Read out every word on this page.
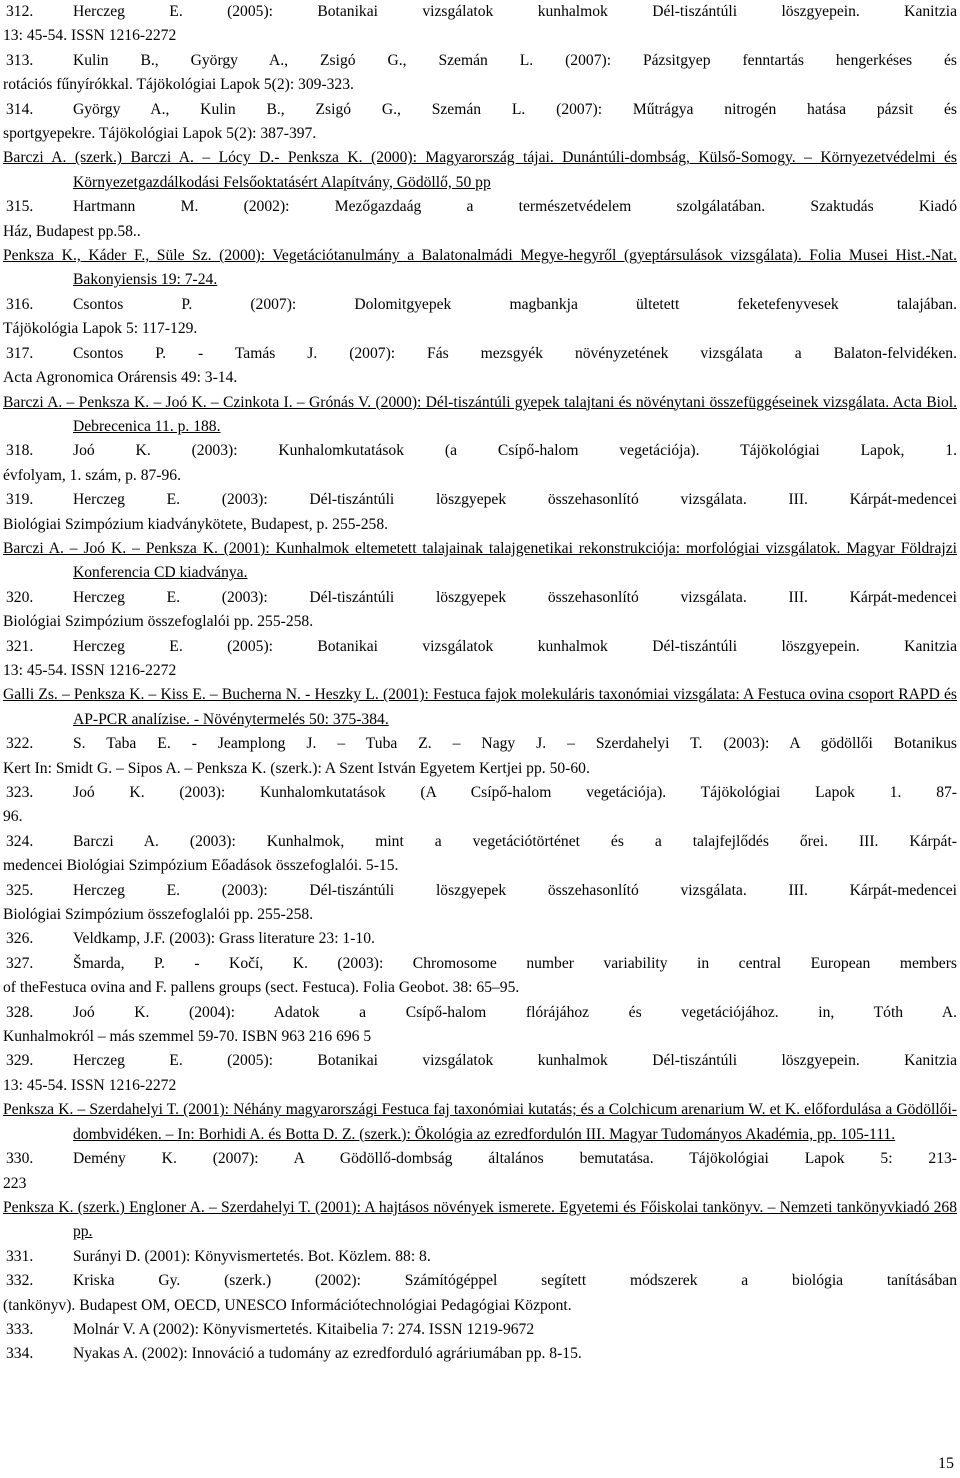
312.	Herczeg E. (2005): Botanikai vizsgálatok kunhalmok Dél-tiszántúli löszgyepein. Kanitzia
13: 45-54. ISSN 1216-2272
313.	Kulin B., György A., Zsigó G., Szemán L. (2007): Pázsitgyep fenntartás hengerkéses és
rotációs fűnyírókkal. Tájökológiai Lapok 5(2): 309-323.
314.	György A., Kulin B., Zsigó G., Szemán L. (2007): Műtrágya nitrogén hatása pázsit és
sportgyepekre. Tájökológiai Lapok 5(2): 387-397.
Barczi A. (szerk.) Barczi A. – Lócy D.- Penksza K. (2000): Magyarország tájai. Dunántúli-dombság, Külső-Somogy. – Környezetvédelmi és Környezetgazdálkodási Felsőoktatásért Alapítvány, Gödöllő, 50 pp
315.	Hartmann M. (2002): Mezőgazdaág a természetvédelem szolgálatában. Szaktudás Kiadó
Ház, Budapest pp.58..
Penksza K., Káder F., Süle Sz. (2000): Vegetációtanulmány a Balatonalmádi Megye-hegyről (gyeptársulások vizsgálata). Folia Musei Hist.-Nat. Bakonyiensis 19: 7-24.
316.	Csontos P. (2007): Dolomitgyepek magbankja ültetett feketefenyvesek talajában.
Tájökológia Lapok 5: 117-129.
317.	Csontos P. - Tamás J. (2007): Fás mezsgyék növényzetének vizsgálata a Balaton-felvidéken.
Acta Agronomica Orárensis 49: 3-14.
Barczi A. – Penksza K. – Joó K. – Czinkota I. – Grónás V. (2000): Dél-tiszántúli gyepek talajtani és növénytani összefüggéseinek vizsgálata. Acta Biol. Debrecenica 11. p. 188.
318.	Joó K. (2003): Kunhalomkutatások (a Csípő-halom vegetációja). Tájökológiai Lapok, 1.
évfolyam, 1. szám, p. 87-96.
319.	Herczeg E. (2003): Dél-tiszántúli löszgyepek összehasonlító vizsgálata. III. Kárpát-medencei
Biológiai Szimpózium kiadványkötete, Budapest, p. 255-258.
Barczi A. – Joó K. – Penksza K. (2001): Kunhalmok eltemetett talajainak talajgenetikai rekonstrukciója: morfológiai vizsgálatok. Magyar Földrajzi Konferencia CD kiadványa.
320.	Herczeg E. (2003): Dél-tiszántúli löszgyepek összehasonlító vizsgálata. III. Kárpát-medencei
Biológiai Szimpózium összefoglalói pp. 255-258.
321.	Herczeg E. (2005): Botanikai vizsgálatok kunhalmok Dél-tiszántúli löszgyepein. Kanitzia
13: 45-54. ISSN 1216-2272
Galli Zs. – Penksza K. – Kiss E. – Bucherna N. - Heszky L. (2001): Festuca fajok molekuláris taxonómiai vizsgálata: A Festuca ovina csoport RAPD és AP-PCR analízise. - Növénytermelés 50: 375-384.
322.	S. Taba E. - Jeamplong J. – Tuba Z. – Nagy J. – Szerdahelyi T. (2003): A gödöllői Botanikus
Kert In: Smidt G. – Sipos A. – Penksza K. (szerk.): A Szent István Egyetem Kertjei pp. 50-60.
323.	Joó K. (2003): Kunhalomkutatások (A Csípő-halom vegetációja). Tájökológiai Lapok 1. 87-
96.
324.	Barczi A. (2003): Kunhalmok, mint a vegetációtörténet és a talajfejlődés őrei. III. Kárpát-
medencei Biológiai Szimpózium Eőadások összefoglalói. 5-15.
325.	Herczeg E. (2003): Dél-tiszántúli löszgyepek összehasonlító vizsgálata. III. Kárpát-medencei
Biológiai Szimpózium összefoglalói pp. 255-258.
326.	Veldkamp, J.F. (2003): Grass literature 23: 1-10.
327.	Šmarda, P. - Kočí, K. (2003): Chromosome number variability in central European members
of theFestuca ovina and F. pallens groups (sect. Festuca). Folia Geobot. 38: 65–95.
328.	Joó K. (2004): Adatok a Csípő-halom flórájához és vegetációjához. in, Tóth A.
Kunhalmokról – más szemmel 59-70. ISBN 963 216 696 5
329.	Herczeg E. (2005): Botanikai vizsgálatok kunhalmok Dél-tiszántúli löszgyepein. Kanitzia
13: 45-54. ISSN 1216-2272
Penksza K. – Szerdahelyi T. (2001): Néhány magyarországi Festuca faj taxonómiai kutatás; és a Colchicum arenarium W. et K. előfordulása a Gödöllői-dombvidéken. – In: Borhidi A. és Botta D. Z. (szerk.): Ökológia az ezredfordulón III. Magyar Tudományos Akadémia, pp. 105-111.
330.	Demény K. (2007): A Gödöllő-dombság általános bemutatása. Tájökológiai Lapok 5: 213-
223
Penksza K. (szerk.) Engloner A. – Szerdahelyi T. (2001): A hajtásos növények ismerete. Egyetemi és Főiskolai tankönyv. – Nemzeti tankönyvkiadó 268 pp.
331.	Surányi D. (2001): Könyvismertetés. Bot. Közlem. 88: 8.
332.	Kriska Gy. (szerk.) (2002): Számítógéppel segített módszerek a biológia tanításában
(tankönyv). Budapest OM, OECD, UNESCO Információtechnológiai Pedagógiai Központ.
333.	Molnár V. A (2002): Könyvismertetés. Kitaibelia 7: 274. ISSN 1219-9672
334.	Nyakas A. (2002): Innováció a tudomány az ezredforduló agráriumában pp. 8-15.
15
